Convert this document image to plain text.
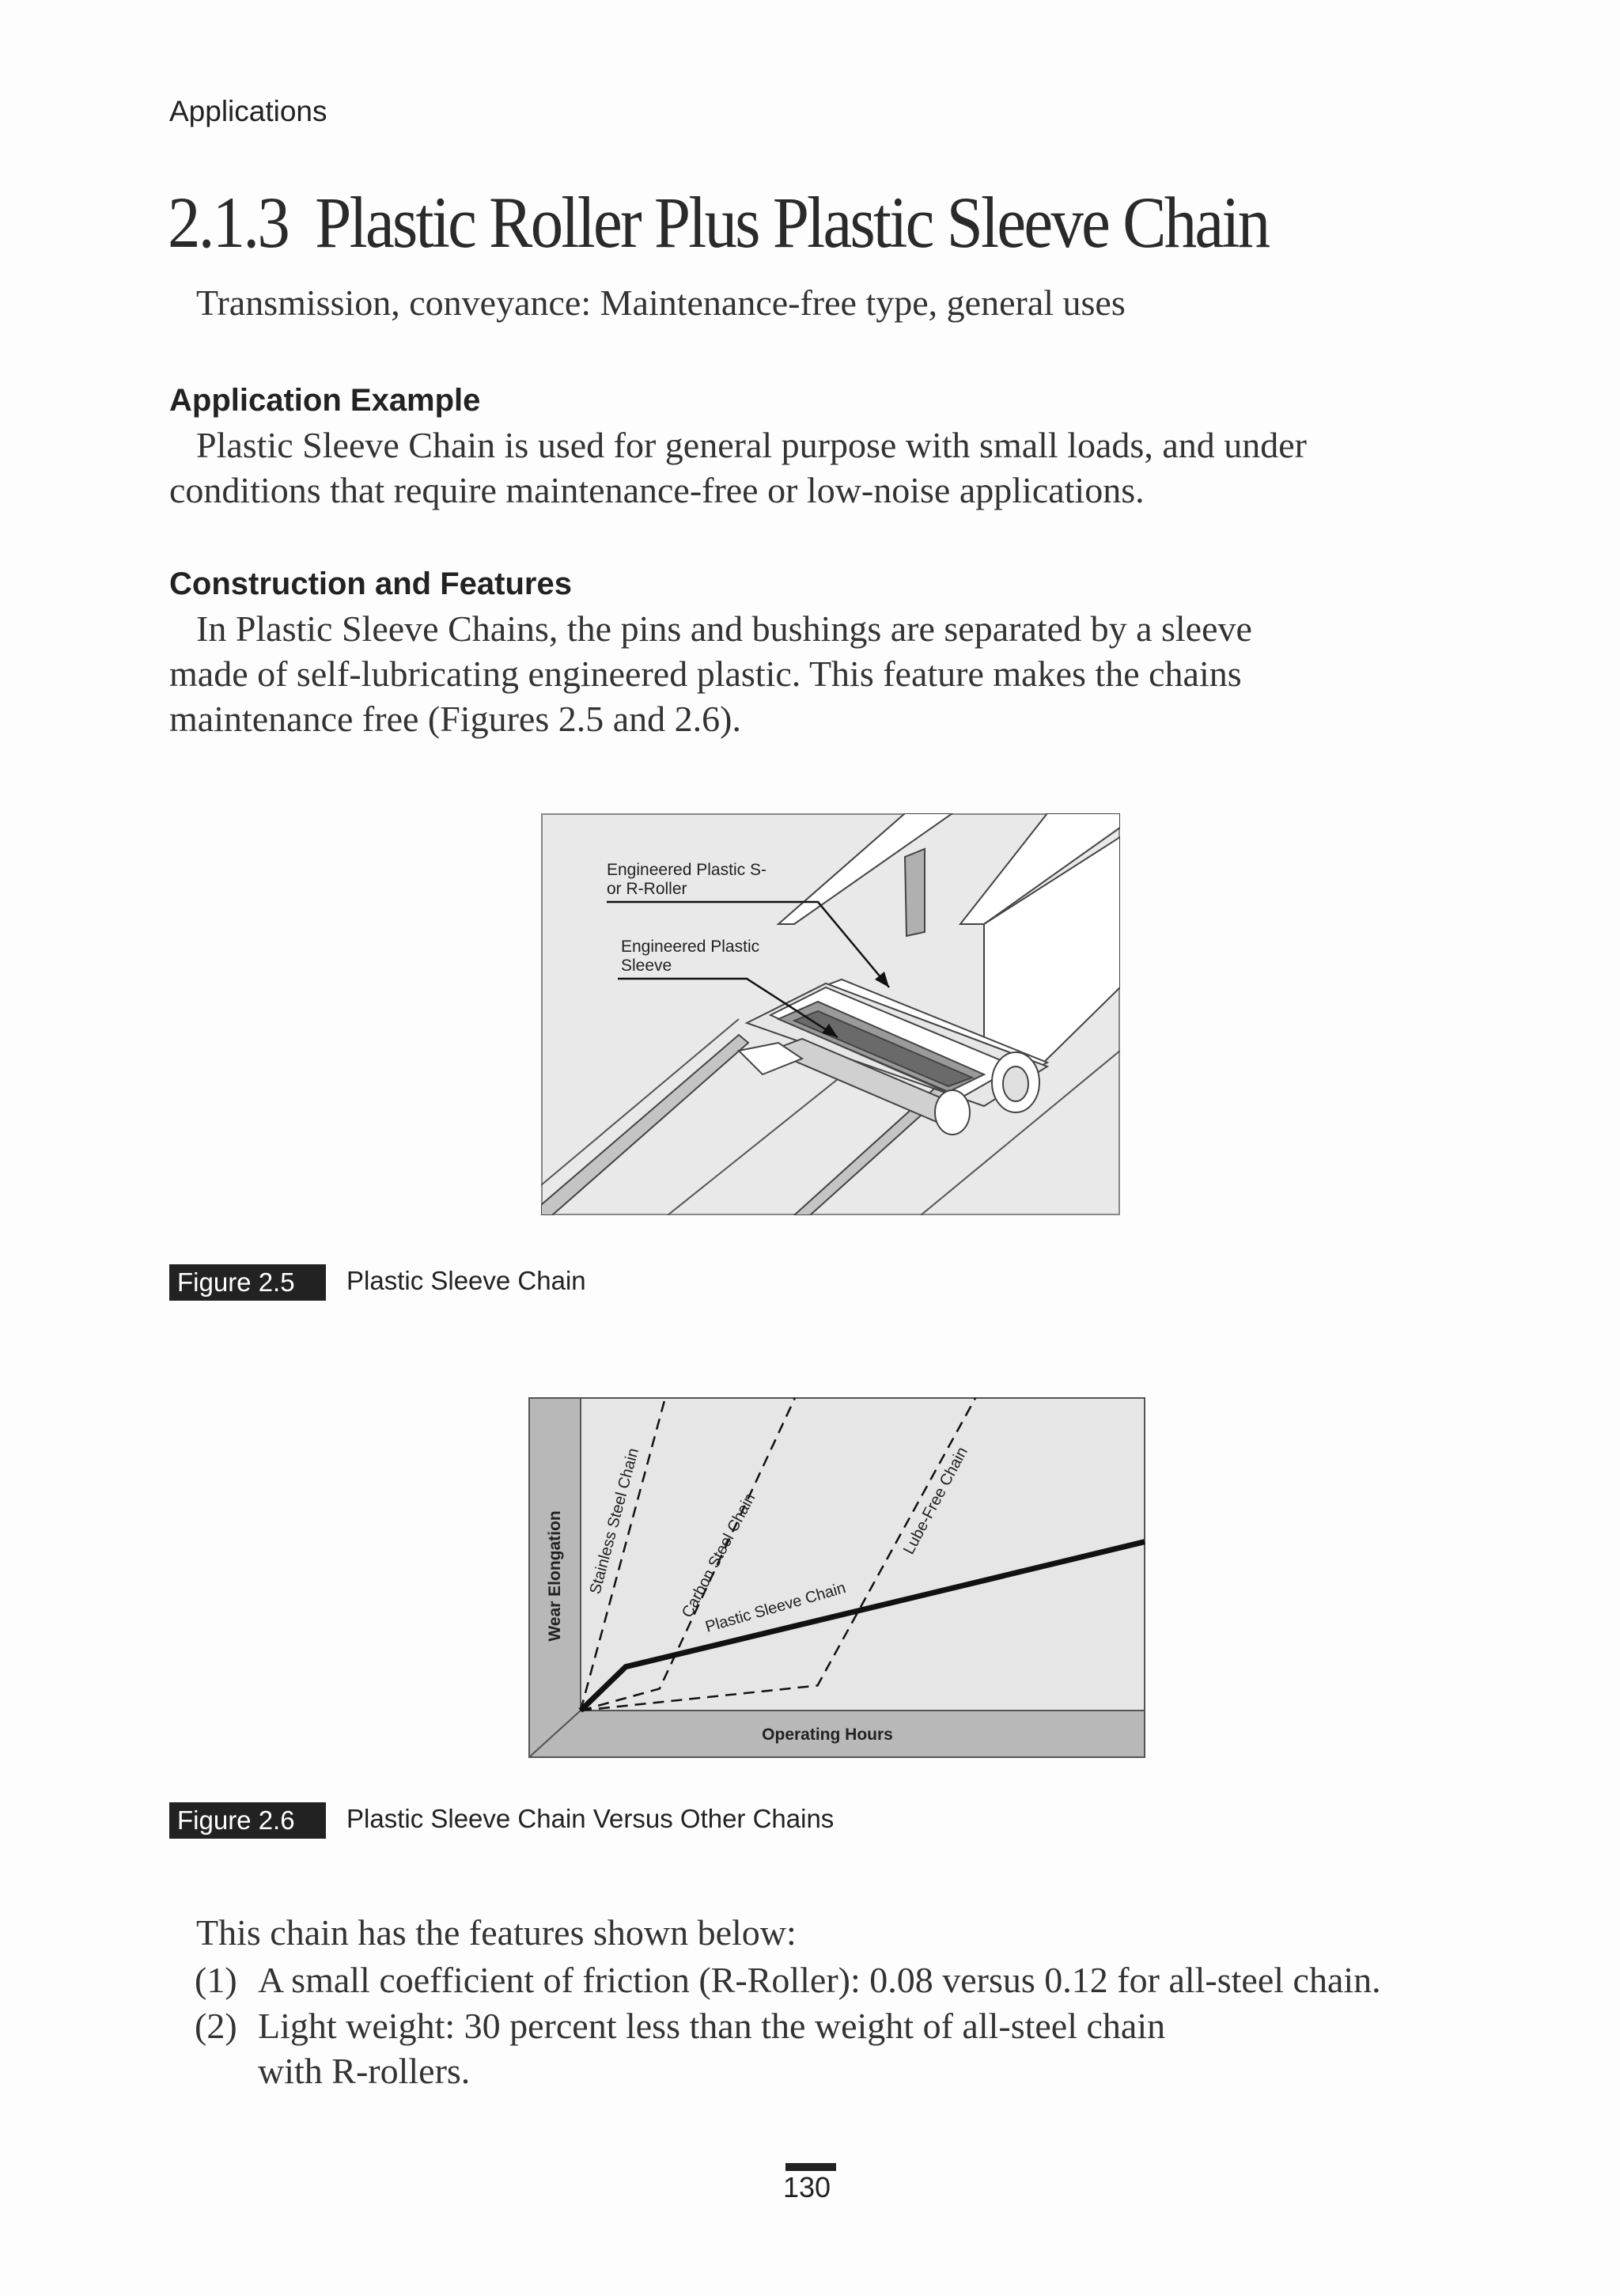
Applications
2.1.3 Plastic Roller Plus Plastic Sleeve Chain
Transmission, conveyance: Maintenance-free type, general uses
Application Example
Plastic Sleeve Chain is used for general purpose with small loads, and under
conditions that require maintenance-free or low-noise applications.
Construction and Features
In Plastic Sleeve Chains, the pins and bushings are separated by a sleeve
made of self-lubricating engineered plastic. This feature makes the chains
maintenance free (Figures 2.5 and 2.6).
Engineered Plastic S-
or R-Roller
Engineered Plastic
Sleeve
Figure 2.5	Plastic Sleeve Chain
Wear Elongation
Operating Hours
Stainless Steel Chain Carbon Steel Chain	Lube-Free Chain
Plastic Sleeve Chain
Figure 2.6	Plastic Sleeve Chain Versus Other Chains
This chain has the features shown below:
(1) A small coefficient of friction (R-Roller): 0.08 versus 0.12 for all-steel chain.
(2) Light weight: 30 percent less than the weight of all-steel chain
with R-rollers.
130
